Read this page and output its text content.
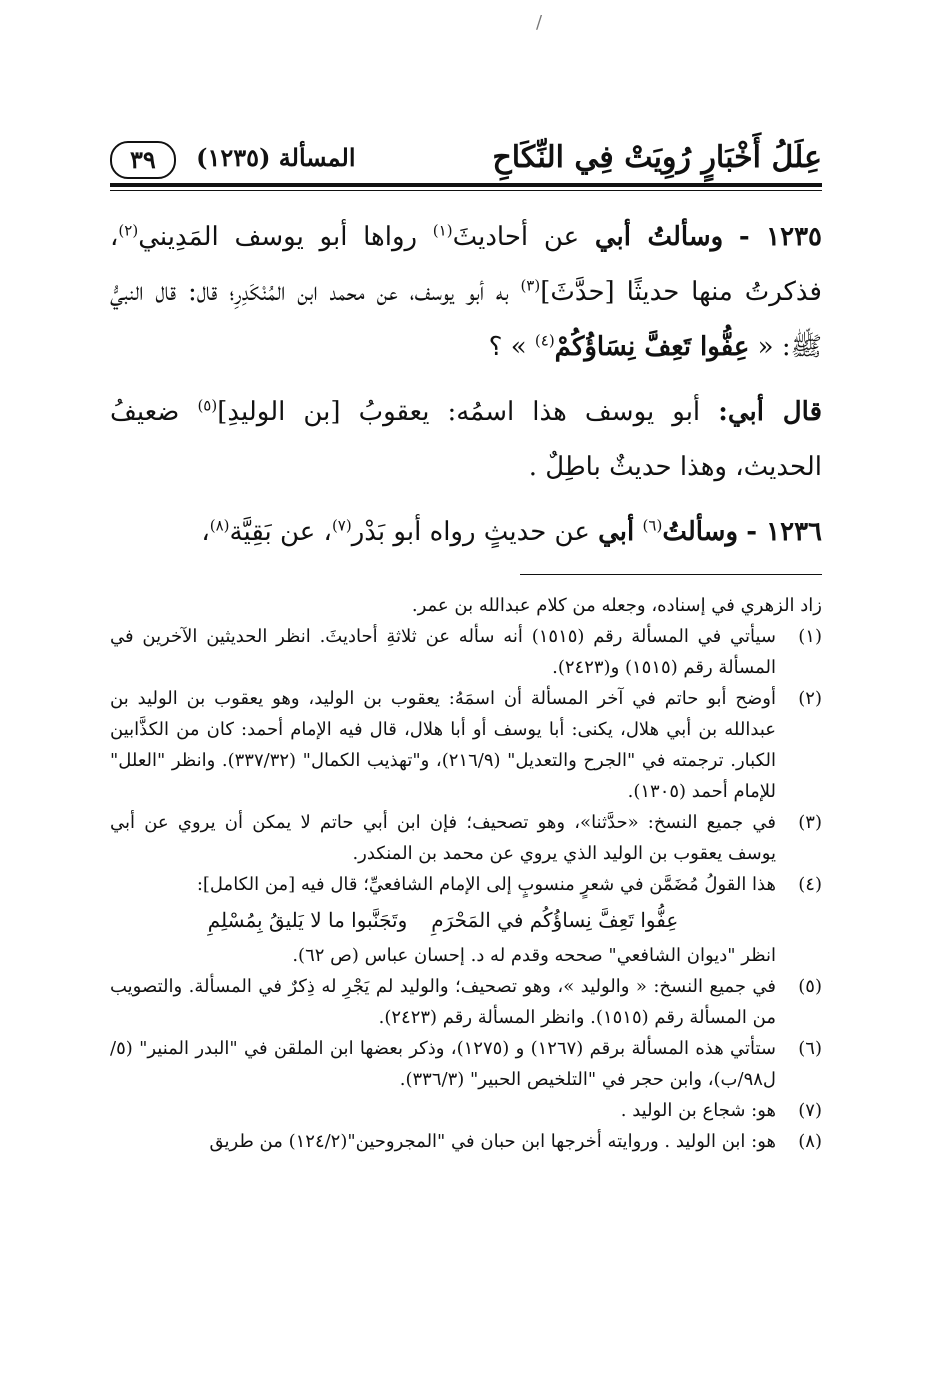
/
عِلَلُ أَخْبَارٍ رُوِيَتْ فِي النِّكَاحِ
المسألة (١٢٣٥) ٣٩

١٢٣٥ - وسألتُ أبي عن أحاديثَ$^{(١)}$ رواها أبو يوسف المَدِيني$^{(٢)}$، فذكرتُ منها حديثًا [حدَّثَ]$^{(٣)}$ به أبو يوسف، عن محمد ابن المُنْكَدِرِ؛ قال: قال النبيُّ ﷺ: « عِفُّوا تَعِفَّ نِسَاؤُكُمْ$^{(٤)}$ » ؟

قال أبي: أبو يوسف هذا اسمُه: يعقوبُ [بن الوليدِ]$^{(٥)}$ ضعيفُ الحديث، وهذا حديثٌ باطِلٌ .

١٢٣٦ - وسألتُ$^{(٦)}$ أبي عن حديثٍ رواه أبو بَدْر$^{(٧)}$، عن بَقِيَّة$^{(٨)}$،

زاد الزهري في إسناده، وجعله من كلام عبدالله بن عمر.
(١)
سيأتي في المسألة رقم (١٥١٥) أنه سأله عن ثلاثةِ أحاديثَ. انظر الحديثين الآخرين في المسألة رقم (١٥١٥) و(٢٤٢٣).
(٢)
أوضح أبو حاتم في آخر المسألة أن اسمَهُ: يعقوب بن الوليد، وهو يعقوب بن الوليد بن عبدالله بن أبي هلال، يكنى: أبا يوسف أو أبا هلال، قال فيه الإمام أحمد: كان من الكذَّابين الكبار. ترجمته في "الجرح والتعديل" (٢١٦/٩)، و"تهذيب الكمال" (٣٣٧/٣٢). وانظر "العلل" للإمام أحمد (١٣٠٥).
(٣)
في جميع النسخ: «حدَّثنا»، وهو تصحيف؛ فإن ابن أبي حاتم لا يمكن أن يروي عن أبي يوسف يعقوب بن الوليد الذي يروي عن محمد بن المنكدر.
(٤)
هذا القولُ مُضَمَّن في شعرٍ منسوبٍ إلى الإمام الشافعيِّ؛ قال فيه [من الكامل]:
عِفُّوا تَعِفَّ نِساؤُكُم في المَحْرَمِ
وتَجَنَّبوا ما لا يَليقُ بِمُسْلِمِ
انظر "ديوان الشافعي" صححه وقدم له د. إحسان عباس (ص ٦٢).
(٥)
في جميع النسخ: « والوليد »، وهو تصحيف؛ والوليد لم يَجْرِ له ذِكرٌ في المسألة. والتصويب من المسألة رقم (١٥١٥). وانظر المسألة رقم (٢٤٢٣).
(٦)
ستأتي هذه المسألة برقم (١٢٦٧) و (١٢٧٥)، وذكر بعضها ابن الملقن في "البدر المنير" (٥/ل٩٨/ب)، وابن حجر في "التلخيص الحبير" (٣٣٦/٣).
(٧)
هو: شجاع بن الوليد .
(٨)
هو: ابن الوليد . وروايته أخرجها ابن حبان في "المجروحين"(١٢٤/٢) من طريق
